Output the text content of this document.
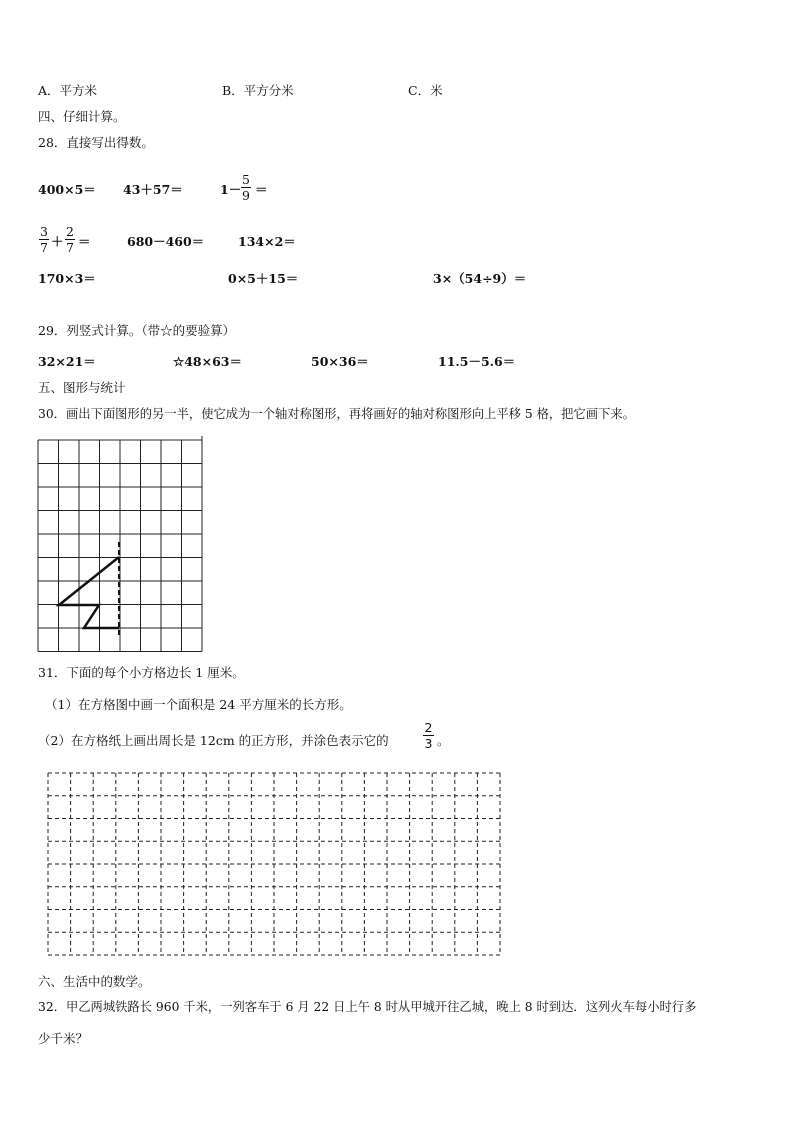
A．平方米	B．平方分米	C．米
四、仔细计算。
28．直接写出得数。
400×5＝ 43＋57＝	1－
5
9 ＝
3
7 ＋
2
7 ＝	680－460＝	134×2＝
170×3＝	0×5＋15＝	3×（54÷9）＝
29．列竖式计算。（带☆的要验算）
32×21＝	☆48×63＝	50×36＝	11.5－5.6＝
五、图形与统计
30．画出下面图形的另一半，使它成为一个轴对称图形，再将画好的轴对称图形向上平移 5 格，把它画下来。
31．下面的每个小方格边长 1 厘米。
（1）在方格图中画一个面积是 24 平方厘米的长方形。
（2）在方格纸上画出周长是 12cm 的正方形，并涂色表示它的
2
3 。
六、生活中的数学。
32．甲乙两城铁路长 960 千米，一列客车于 6 月 22 日上午 8 时从甲城开往乙城，晚上 8 时到达．这列火车每小时行多
少千米？
